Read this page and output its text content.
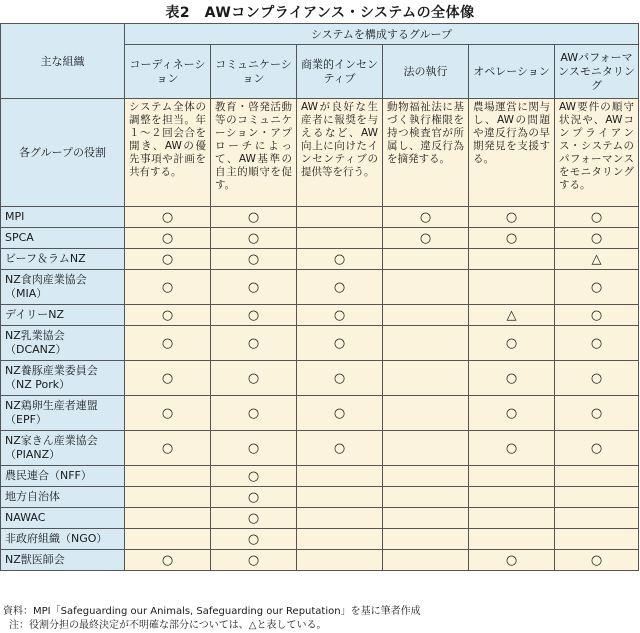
表2　AWコンプライアンス・システムの全体像
主な組織	システムを構成するグループ					
	コーディネーション	コミュニケーション	商業的インセンティブ	法の執行	オペレーション	AWパフォーマンスモニタリング
各グループの役割	システム全体の調整を担当。年１～２回会合を開き、AWの優先事項や計画を共有する。	教育・啓発活動等のコミュニケーション・アプローチによって、AW基準の自主的順守を促す。	AWが良好な生産者に報奨を与えるなど、AW向上に向けたインセンティブの提供等を行う。	動物福祉法に基づく執行権限を持つ検査官が所属し、違反行為を摘発する。	農場運営に関与し、AWの問題や違反行為の早期発見を支援する。	AW要件の順守状況や、AWコンプライアンス・システムのパフォーマンスをモニタリングする。
MPI	○	○		○	○	○
SPCA	○	○		○	○	○
ビーフ＆ラムNZ	○	○	○			△
NZ食肉産業協会（MIA）	○	○	○			○
デイリーNZ	○	○	○		△	○
NZ乳業協会（DCANZ）	○	○	○		○	○
NZ養豚産業委員会（NZ Pork）	○	○	○		○	○
NZ鶏卵生産者連盟（EPF）	○	○	○		○	○
NZ家きん産業協会（PIANZ）	○	○	○		○	○
農民連合（NFF）		○				
地方自治体		○				
NAWAC		○				
非政府組織（NGO）		○				
NZ獣医師会	○	○			○	○
資料：MPI「Safeguarding our Animals, Safeguarding our Reputation」を基に筆者作成
注：役割分担の最終決定が不明確な部分については、△と表している。
